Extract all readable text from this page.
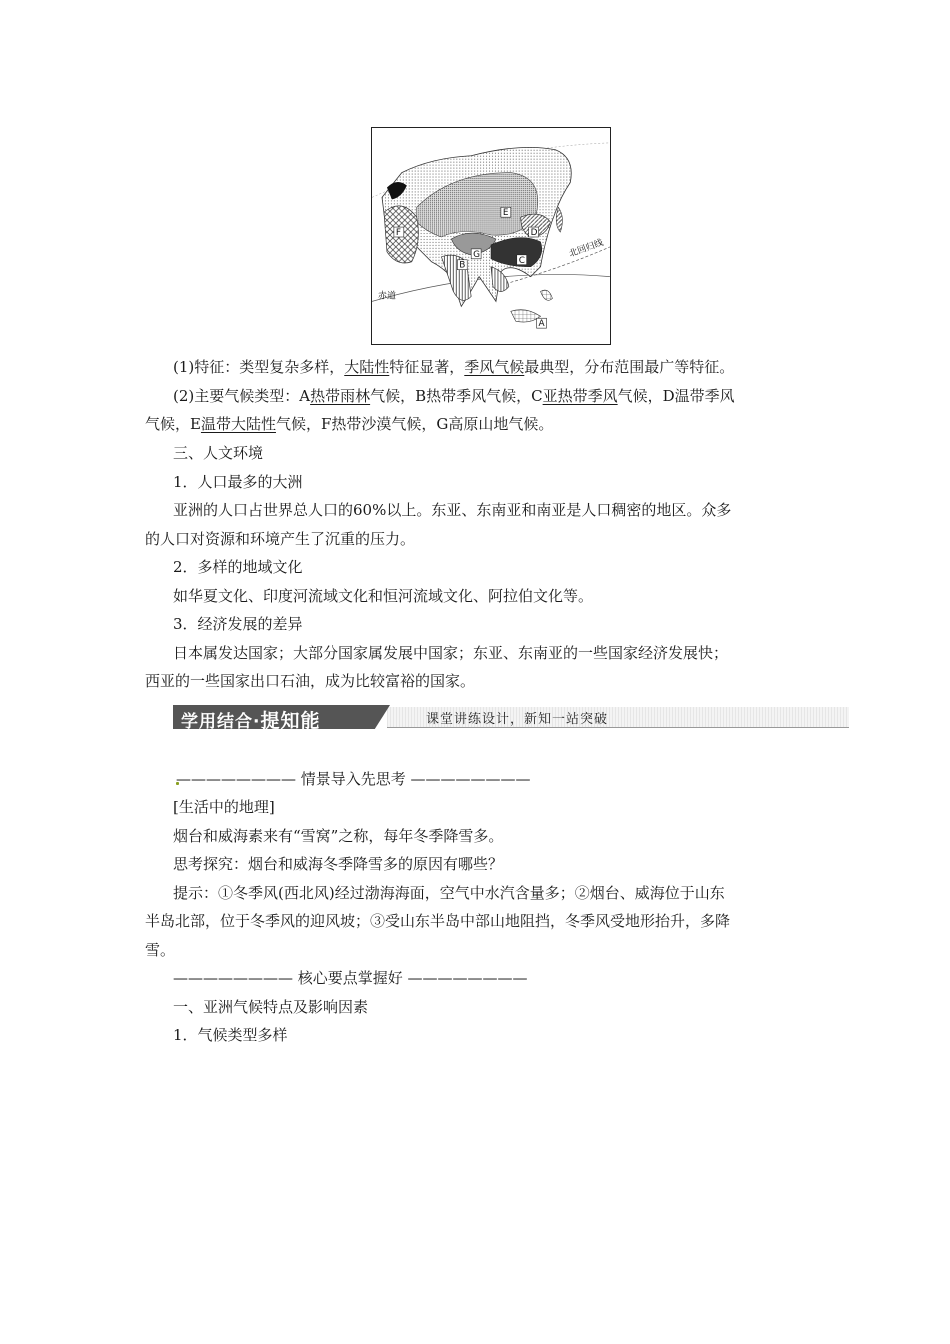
E
F
G
B	C
D
A
北回归线
赤道
(1)特征：类型复杂多样，大陆性特征显著，季风气候最典型，分布范围最广等特征。
(2)主要气候类型：A热带雨林气候，B热带季风气候，C亚热带季风气候，D温带季风
气候，E温带大陆性气候，F热带沙漠气候，G高原山地气候。
三、人文环境
1．人口最多的大洲
亚洲的人口占世界总人口的60%以上。东亚、东南亚和南亚是人口稠密的地区。众多
的人口对资源和环境产生了沉重的压力。
2．多样的地域文化
如华夏文化、印度河流域文化和恒河流域文化、阿拉伯文化等。
3．经济发展的差异
日本属发达国家；大部分国家属发展中国家；东亚、东南亚的一些国家经济发展快；
西亚的一些国家出口石油，成为比较富裕的国家。
学用结合·提知能	课堂讲练设计，新知一站突破
———————— 情景导入先思考 ————————
[生活中的地理]
烟台和威海素来有“雪窝”之称，每年冬季降雪多。
思考探究：烟台和威海冬季降雪多的原因有哪些？
提示：①冬季风(西北风)经过渤海海面，空气中水汽含量多；②烟台、威海位于山东
半岛北部，位于冬季风的迎风坡；③受山东半岛中部山地阻挡，冬季风受地形抬升，多降
雪。
———————— 核心要点掌握好 ————————
一、亚洲气候特点及影响因素
1．气候类型多样
